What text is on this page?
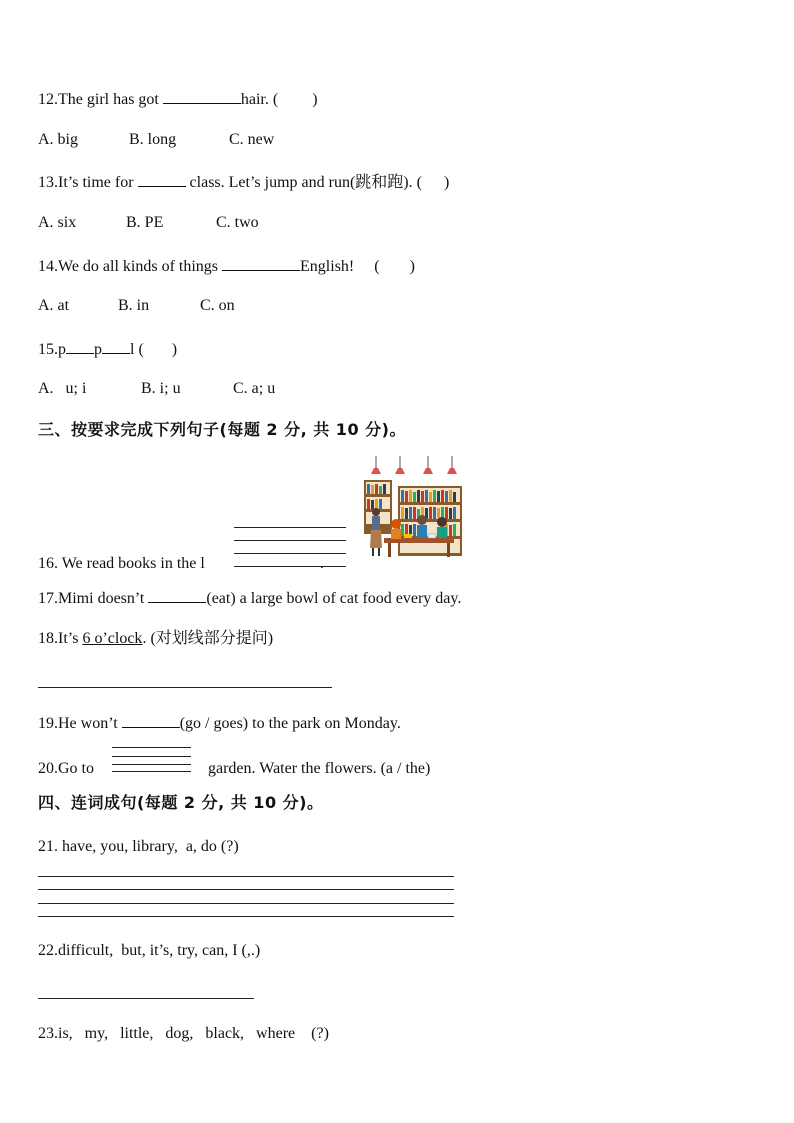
12.The girl has got	hair. ( )
A. big	B. long	C. new
13.It’s time for	class. Let’s jump and run(跳和跑). ( )
A. six	B. PE	C. two
14.We do all kinds of things	English! ( )
A. at	B. in	C. on
15.p p l ( )
A.   u; i	B. i; u	C. a; u
三、按要求完成下列句子(每题 2 分, 共 10 分)。
16. We read books in the l	.
17.Mimi doesn’t	(eat) a large bowl of cat food every day.
18.It’s 6 o’clock. (对划线部分提问)
19.He won’t	(go / goes) to the park on Monday.
20.Go to	garden. Water the flowers. (a / the)
四、连词成句(每题 2 分, 共 10 分)。
21. have, you, library,  a, do (?)
22.difficult,  but, it’s, try, can, I (,.)
23.is,   my,   little,   dog,   black,   where    (?)
